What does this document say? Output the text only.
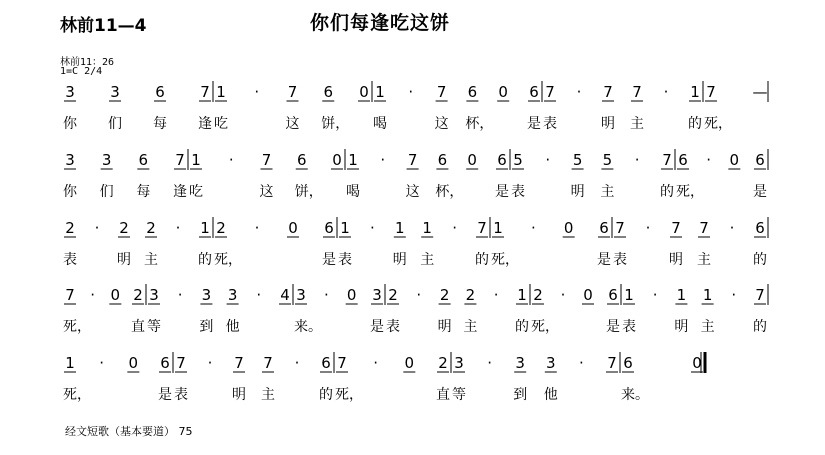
林前11—4	你们每逢吃这饼
林前11：26
1=C 2/4
3
你
3
们
6
每
7
逢
1
吃
· 7
这
6
饼，
0 1
喝
· 7
这
6
杯，
0 6
是
7
表
· 7
明
7
主
· 1
的
7
死，
—
3
你
3
们
6
每
7
逢
1
吃
· 7
这
6
饼，
0 1
喝
· 7
这
6
杯，
0 6
是
5
表
· 5
明
5
主
· 7
的
6
死，
· 0 6
是
2
表
· 2
明
2
主
· 1
的
2
死，
· 0 6
是
1
表
· 1
明
1
主
· 7
的
1
死，
· 0 6
是
7
表
· 7
明
7
主
· 6
的
7
死，
· 0 2
直
3
等
· 3
到
3
他
· 4 3
来。
· 0 3
是
2
表
· 2
明
2
主
· 1
的
2
死，
· 0 6
是
1
表
· 1
明
1
主
· 7
的
1
死，
· 0 6
是
7
表
· 7
明
7
主
· 6
的
7
死，
· 0 2
直
3
等
· 3
到
3
他
· 7 6
来。
0
经文短歌（基本要道） 75
